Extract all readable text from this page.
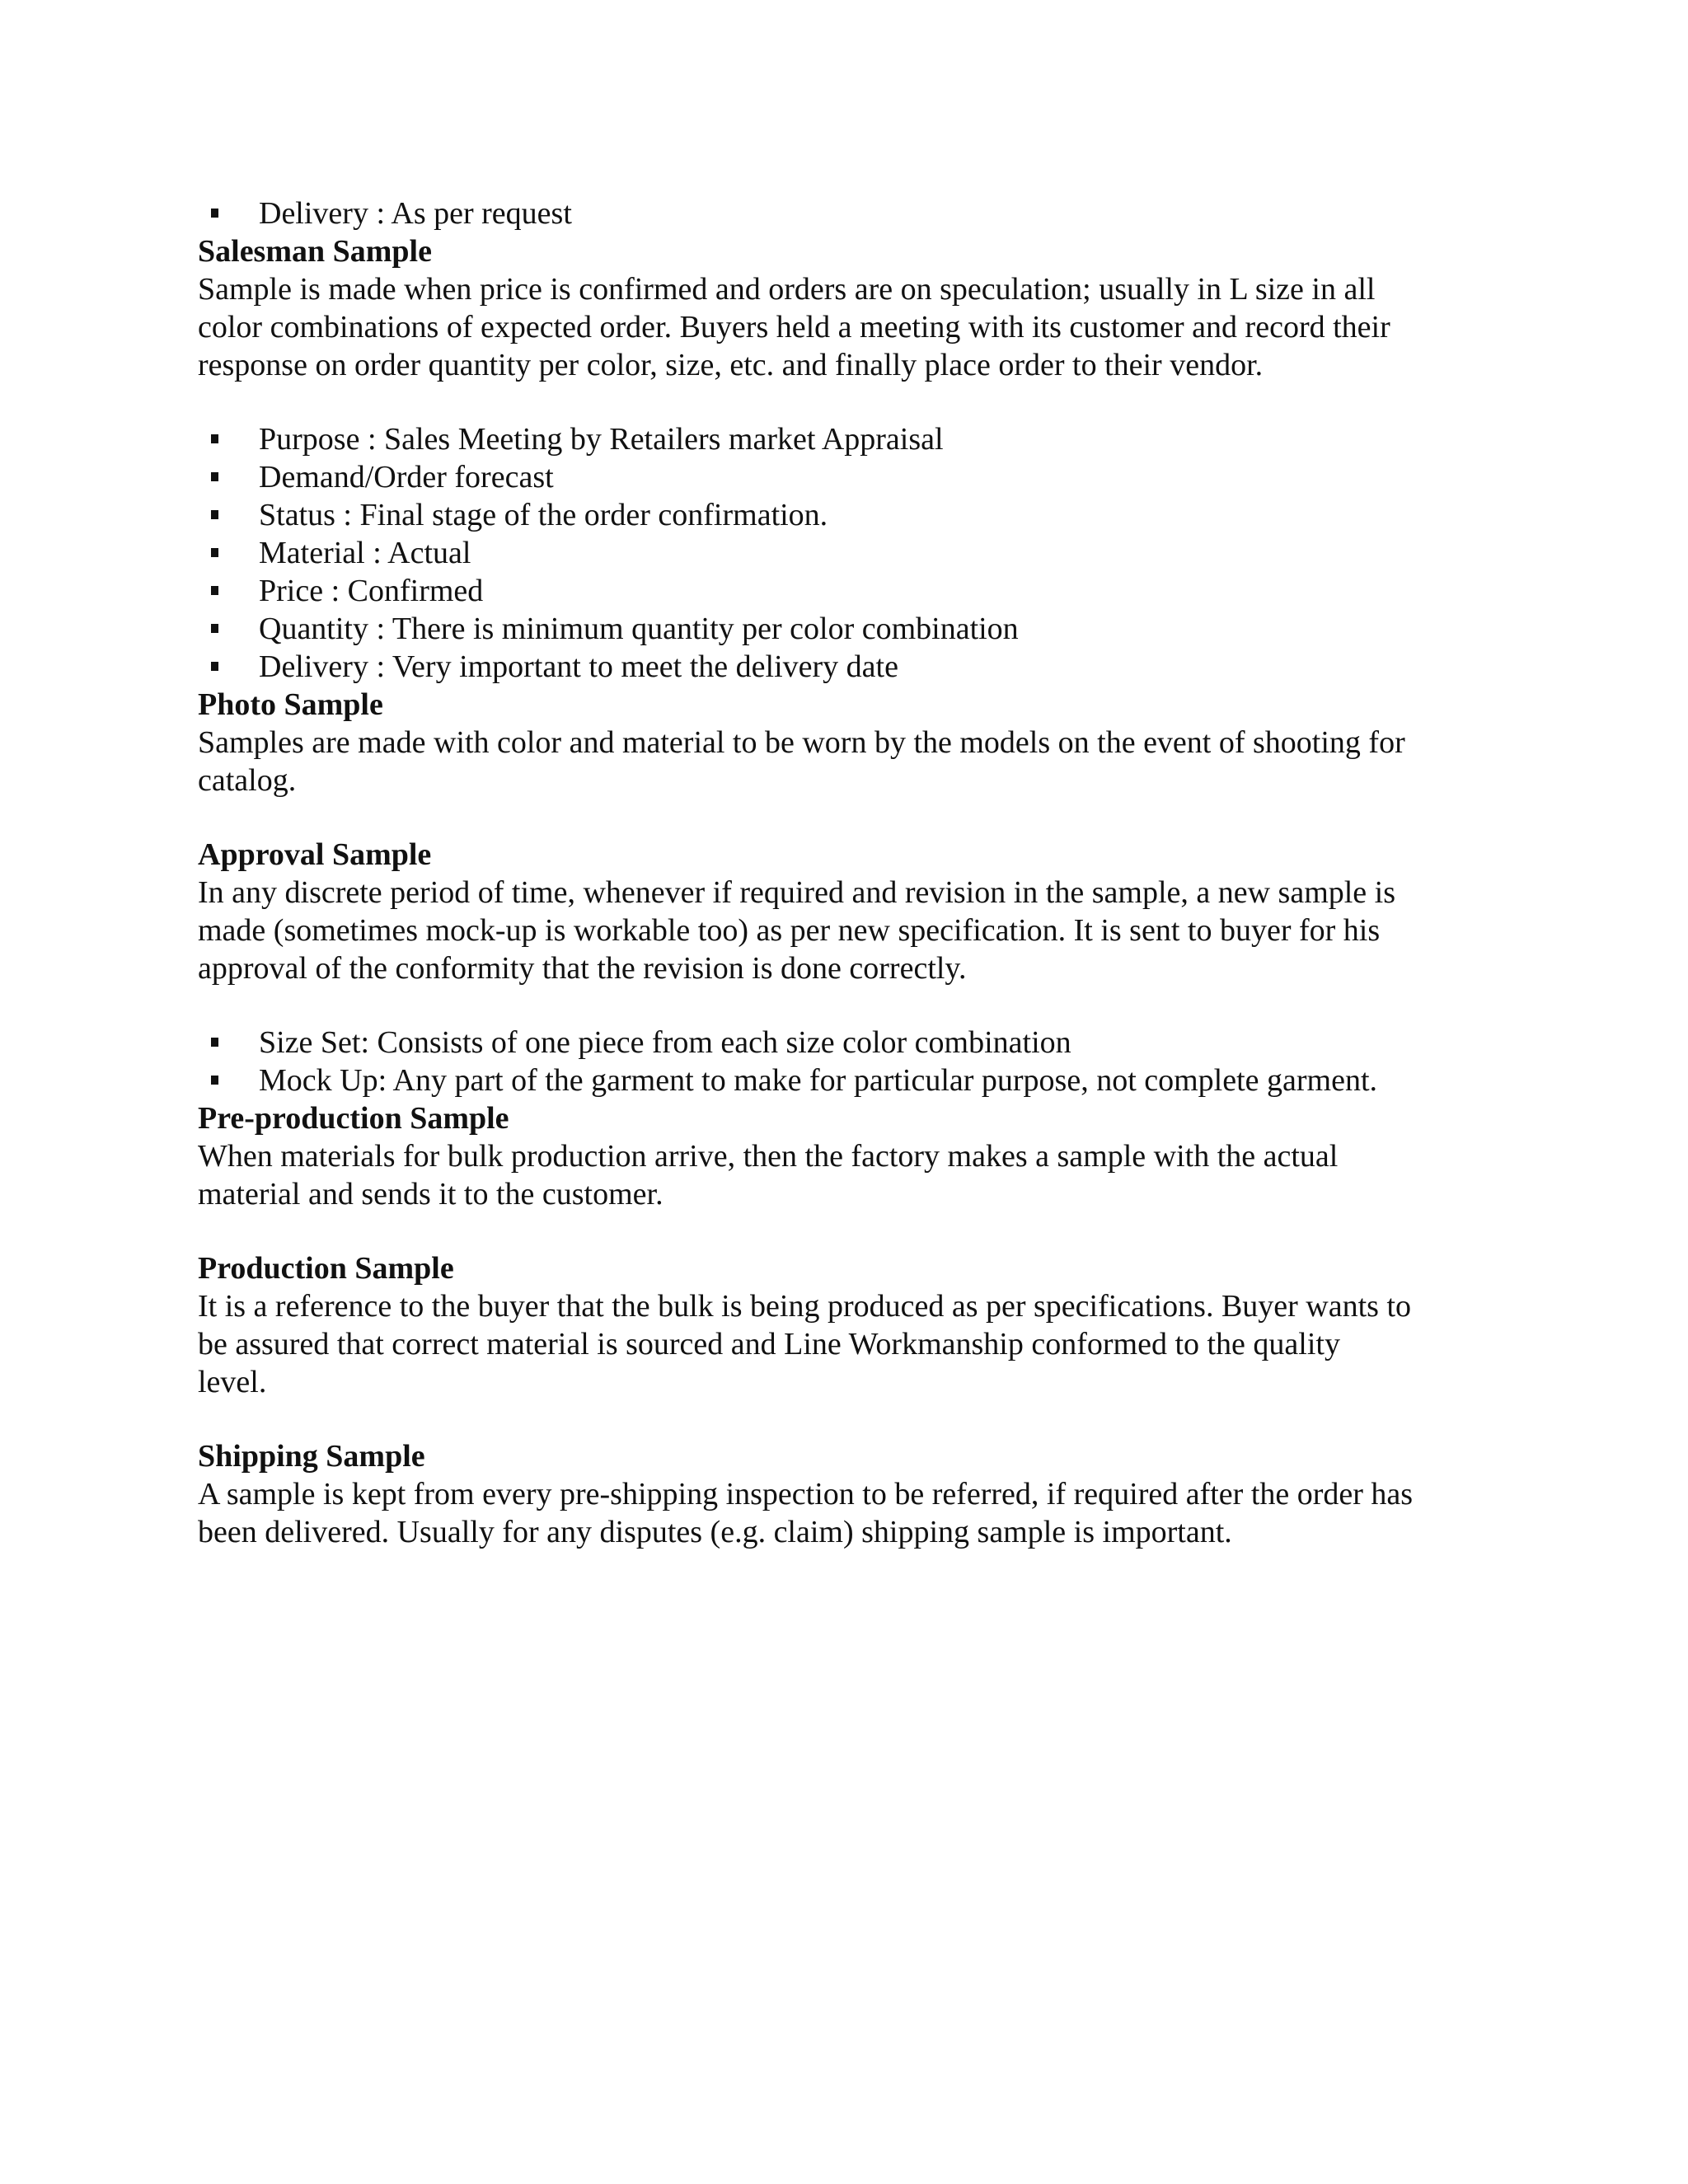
Delivery : As per request
Salesman Sample

Sample is made when price is confirmed and orders are on speculation; usually in L size in all
color combinations of expected order. Buyers held a meeting with its customer and record their
response on order quantity per color, size, etc. and finally place order to their vendor.

Purpose : Sales Meeting by Retailers market Appraisal
Demand/Order forecast
Status : Final stage of the order confirmation.
Material : Actual
Price : Confirmed
Quantity : There is minimum quantity per color combination
Delivery : Very important to meet the delivery date
Photo Sample

Samples are made with color and material to be worn by the models on the event of shooting for
catalog.

Approval Sample

In any discrete period of time, whenever if required and revision in the sample, a new sample is
made (sometimes mock-up is workable too) as per new specification. It is sent to buyer for his
approval of the conformity that the revision is done correctly.

Size Set: Consists of one piece from each size color combination
Mock Up: Any part of the garment to make for particular purpose, not complete garment.
Pre-production Sample

When materials for bulk production arrive, then the factory makes a sample with the actual
material and sends it to the customer.

Production Sample

It is a reference to the buyer that the bulk is being produced as per specifications. Buyer wants to
be assured that correct material is sourced and Line Workmanship conformed to the quality
level.

Shipping Sample

A sample is kept from every pre-shipping inspection to be referred, if required after the order has
been delivered. Usually for any disputes (e.g. claim) shipping sample is important.
